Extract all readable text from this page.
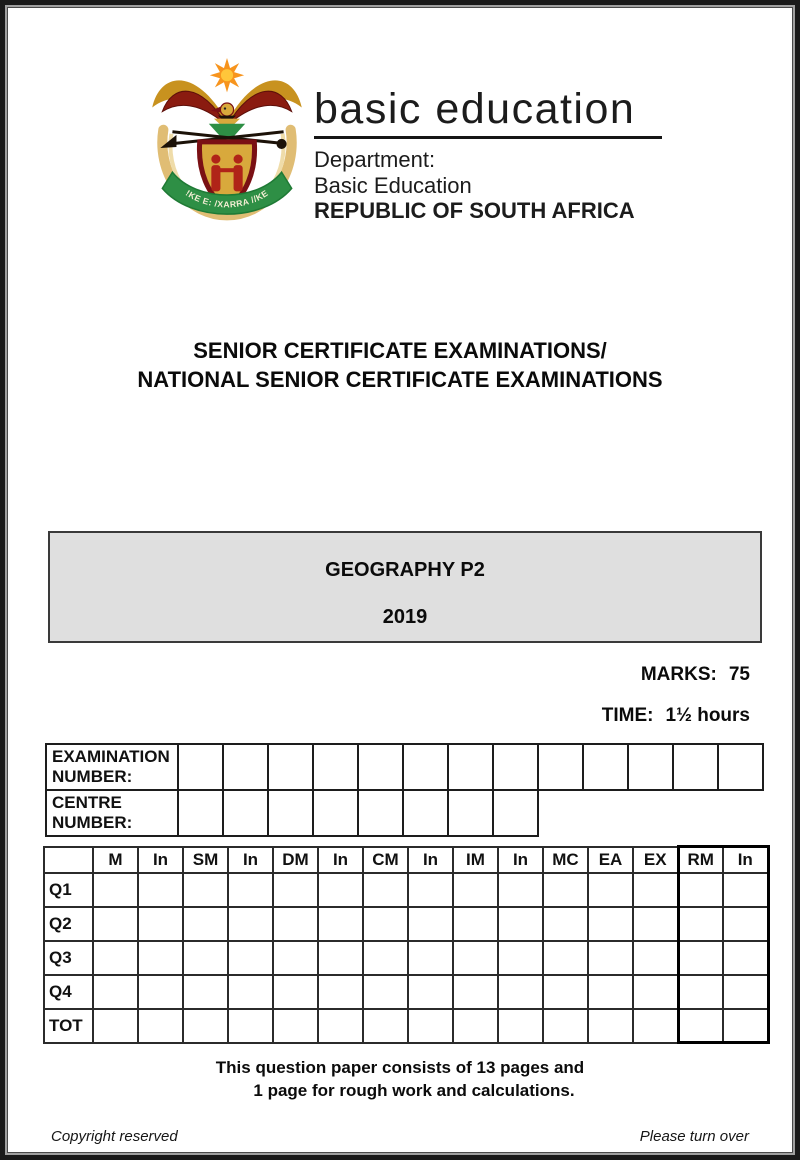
!KE E: /XARRA //KE
basic education
Department:
Basic Education
REPUBLIC OF SOUTH AFRICA
SENIOR CERTIFICATE EXAMINATIONS/
NATIONAL SENIOR CERTIFICATE EXAMINATIONS
GEOGRAPHY P2
2019
MARKS: 75
TIME: 1½ hours
EXAMINATION
NUMBER:													

CENTRE
NUMBER:													

	M	In	SM	In	DM	In	CM	In	IM	In	MC	EA	EX	RM	In
Q1															
Q2															
Q3															
Q4															
TOT															
This question paper consists of 13 pages and
1 page for rough work and calculations.
Copyright reserved	Please turn over
